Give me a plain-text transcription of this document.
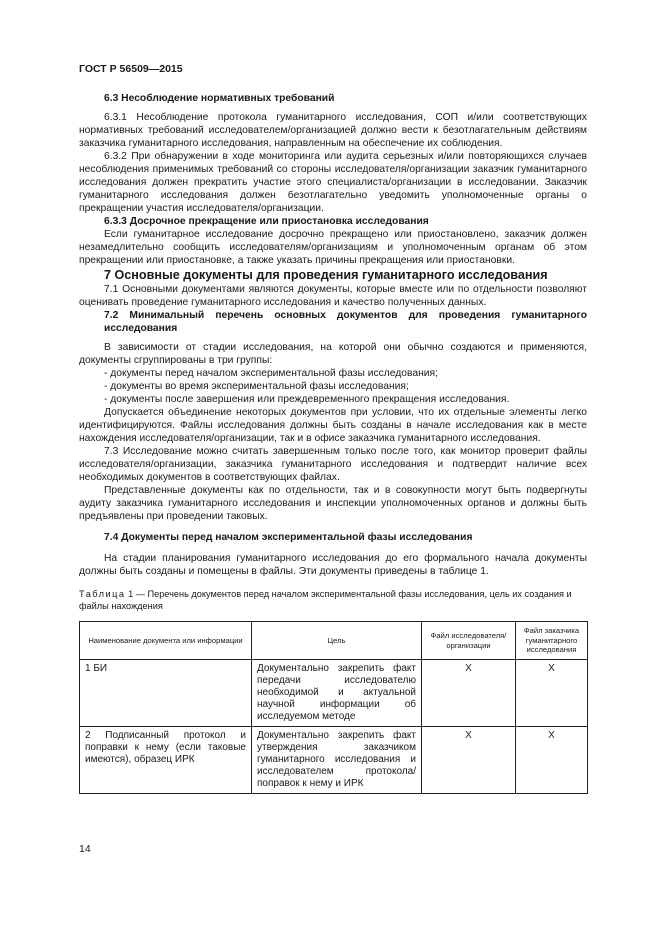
ГОСТ Р 56509—2015

6.3 Несоблюдение нормативных требований

6.3.1 Несоблюдение протокола гуманитарного исследования, СОП и/или соответствующих нормативных требований исследователем/организацией должно вести к безотлагательным действиям заказчика гуманитарного исследования, направленным на обеспечение их соблюдения.

6.3.2 При обнаружении в ходе мониторинга или аудита серьезных и/или повторяющихся случаев несоблюдения применимых требований со стороны исследователя/организации заказчик гуманитарного исследования должен прекратить участие этого специалиста/организации в исследовании. Заказчик гуманитарного исследования должен безотлагательно уведомить уполномоченные органы о прекращении участия исследователя/организации.

6.3.3 Досрочное прекращение или приостановка исследования

Если гуманитарное исследование досрочно прекращено или приостановлено, заказчик должен незамедлительно сообщить исследователям/организациям и уполномоченным органам об этом прекращении или приостановке, а также указать причины прекращения или приостановки.

7 Основные документы для проведения гуманитарного исследования

7.1 Основными документами являются документы, которые вместе или по отдельности позволяют оценивать проведение гуманитарного исследования и качество полученных данных.

7.2 Минимальный перечень основных документов для проведения гуманитарного исследования

В зависимости от стадии исследования, на которой они обычно создаются и применяются, документы сгруппированы в три группы:

- документы перед началом экспериментальной фазы исследования;

- документы во время экспериментальной фазы исследования;

- документы после завершения или преждевременного прекращения исследования.

Допускается объединение некоторых документов при условии, что их отдельные элементы легко идентифицируются. Файлы исследования должны быть созданы в начале исследования как в месте нахождения исследователя/организации, так и в офисе заказчика гуманитарного исследования.

7.3 Исследование можно считать завершенным только после того, как монитор проверит файлы исследователя/организации, заказчика гуманитарного исследования и подтвердит наличие всех необходимых документов в соответствующих файлах.

Представленные документы как по отдельности, так и в совокупности могут быть подвергнуты аудиту заказчика гуманитарного исследования и инспекции уполномоченных органов и должны быть предъявлены при проведении таковых.

7.4 Документы перед началом экспериментальной фазы исследования

На стадии планирования гуманитарного исследования до его формального начала документы должны быть созданы и помещены в файлы. Эти документы приведены в таблице 1.

Таблица 1 — Перечень документов перед началом экспериментальной фазы исследования, цель их создания и файлы нахождения

Наименование документа или информации	Цель	Файл исследователя/организации	Файл заказчика гуманитарного исследования
1 БИ	Документально закрепить факт передачи исследователю необходимой и актуальной научной информации об исследуемом методе	Х	Х
2 Подписанный протокол и поправки к нему (если таковые имеются), образец ИРК	Документально закрепить факт утверждения заказчиком гуманитарного исследования и исследователем протокола/поправок к нему и ИРК	Х	Х
14
